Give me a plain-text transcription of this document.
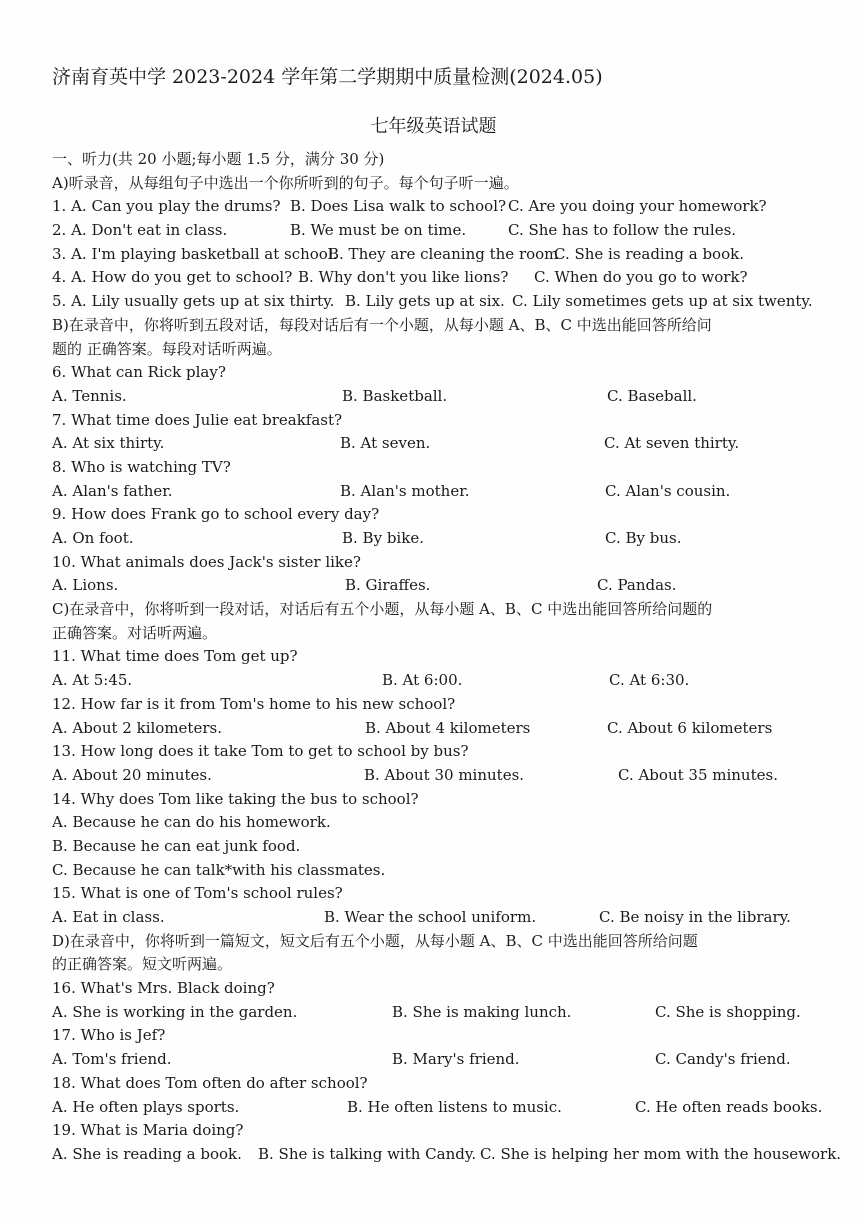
济南育英中学 2023-2024 学年第二学期期中质量检测(2024.05)
七年级英语试题
一、听力(共 20 小题;每小题 1.5 分，满分 30 分)
A)听录音，从每组句子中选出一个你所听到的句子。每个句子听一遍。
1. A. Can you play the drums? B. Does Lisa walk to school? C. Are you doing your homework?
2. A. Don't eat in class.	B. We must be on time.	C. She has to follow the rules.
3. A. I'm playing basketball at school.
B. They are cleaning the room
C. She is reading a book.
4. A. How do you get to school? B. Why don't you like lions? C. When do you go to work?
5. A. Lily usually gets up at six thirty. B. Lily gets up at six. C. Lily sometimes gets up at six twenty.
B)在录音中，你将听到五段对话，每段对话后有一个小题，从每小题 A、B、C 中选出能回答所给问
题的 正确答案。每段对话听两遍。
6. What can Rick play?
A. Tennis.	B. Basketball.	C. Baseball.
7. What time does Julie eat breakfast?
A. At six thirty.	B. At seven.	C. At seven thirty.
8. Who is watching TV?
A. Alan's father.	B. Alan's mother.	C. Alan's cousin.
9. How does Frank go to school every day?
A. On foot.	B. By bike.	C. By bus.
10. What animals does Jack's sister like?
A. Lions.	B. Giraffes.	C. Pandas.
C)在录音中，你将听到一段对话，对话后有五个小题，从每小题 A、B、C 中选出能回答所给问题的
正确答案。对话听两遍。
11. What time does Tom get up?
A. At 5:45.	B. At 6:00.	C. At 6:30.
12. How far is it from Tom's home to his new school?
A. About 2 kilometers.	B. About 4 kilometers	C. About 6 kilometers
13. How long does it take Tom to get to school by bus?
A. About 20 minutes.	B. About 30 minutes.	C. About 35 minutes.
14. Why does Tom like taking the bus to school?
A. Because he can do his homework.
B. Because he can eat junk food.
C. Because he can talk*with his classmates.
15. What is one of Tom's school rules?
A. Eat in class.	B. Wear the school uniform.	C. Be noisy in the library.
D)在录音中，你将听到一篇短文，短文后有五个小题，从每小题 A、B、C 中选出能回答所给问题
的正确答案。短文听两遍。
16. What's Mrs. Black doing?
A. She is working in the garden.	B. She is making lunch.	C. She is shopping.
17. Who is Jef?
A. Tom's friend.	B. Mary's friend.	C. Candy's friend.
18. What does Tom often do after school?
A. He often plays sports.	B. He often listens to music.	C. He often reads books.
19. What is Maria doing?
A. She is reading a book. B. She is talking with Candy. C. She is helping her mom with the housework.
